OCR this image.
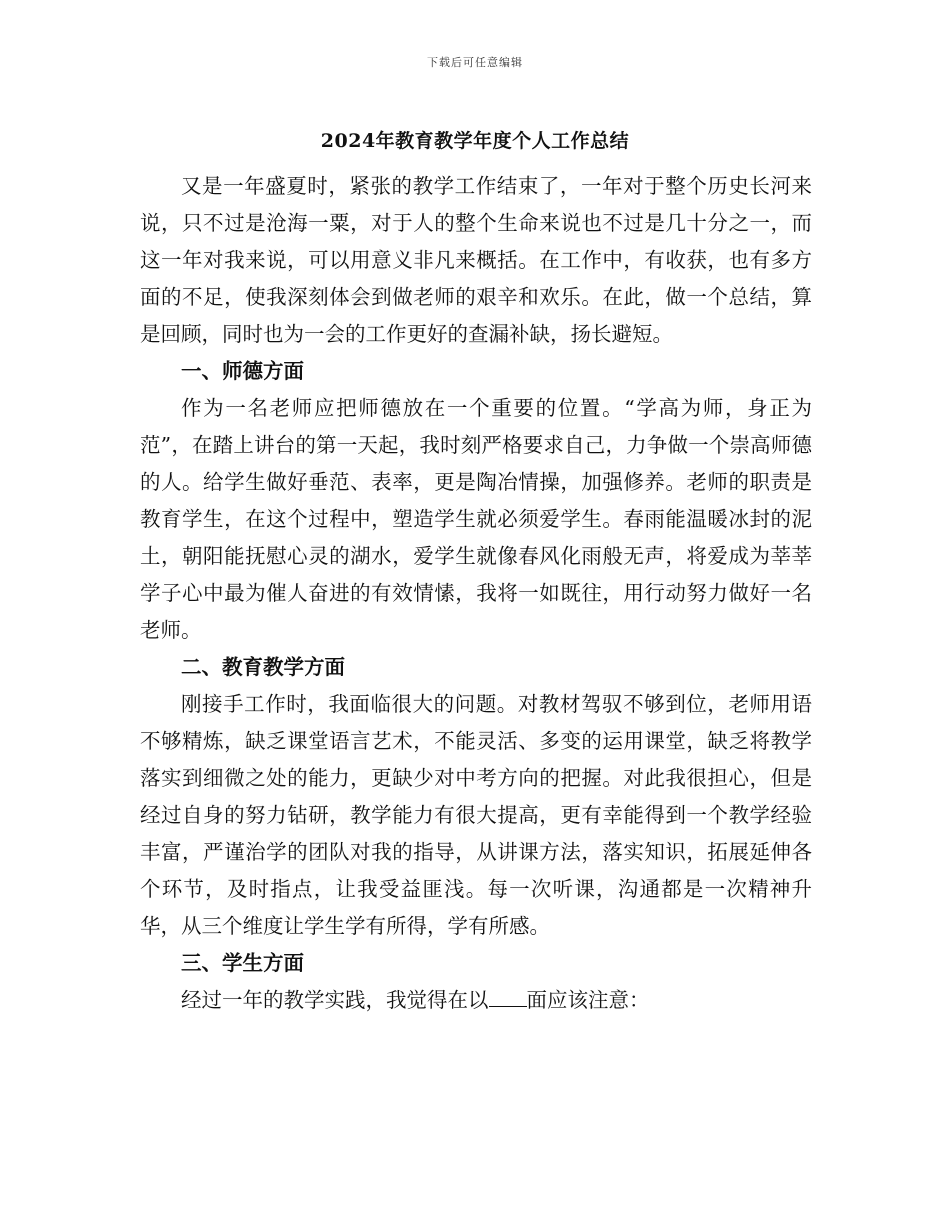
下载后可任意编辑
2024年教育教学年度个人工作总结

又是一年盛夏时，紧张的教学工作结束了，一年对于整个历史长河来说，只不过是沧海一粟，对于人的整个生命来说也不过是几十分之一，而这一年对我来说，可以用意义非凡来概括。在工作中，有收获，也有多方面的不足，使我深刻体会到做老师的艰辛和欢乐。在此，做一个总结，算是回顾，同时也为一会的工作更好的查漏补缺，扬长避短。

一、师德方面

作为一名老师应把师德放在一个重要的位置。“学高为师，身正为范”，在踏上讲台的第一天起，我时刻严格要求自己，力争做一个崇高师德的人。给学生做好垂范、表率，更是陶冶情操，加强修养。老师的职责是教育学生，在这个过程中，塑造学生就必须爱学生。春雨能温暖冰封的泥土，朝阳能抚慰心灵的湖水，爱学生就像春风化雨般无声，将爱成为莘莘学子心中最为催人奋进的有效情愫，我将一如既往，用行动努力做好一名老师。

二、教育教学方面

刚接手工作时，我面临很大的问题。对教材驾驭不够到位，老师用语不够精炼，缺乏课堂语言艺术，不能灵活、多变的运用课堂，缺乏将教学落实到细微之处的能力，更缺少对中考方向的把握。对此我很担心，但是经过自身的努力钻研，教学能力有很大提高，更有幸能得到一个教学经验丰富，严谨治学的团队对我的指导，从讲课方法，落实知识，拓展延伸各个环节，及时指点，让我受益匪浅。每一次听课，沟通都是一次精神升华，从三个维度让学生学有所得，学有所感。

三、学生方面

经过一年的教学实践，我觉得在以 面应该注意：
